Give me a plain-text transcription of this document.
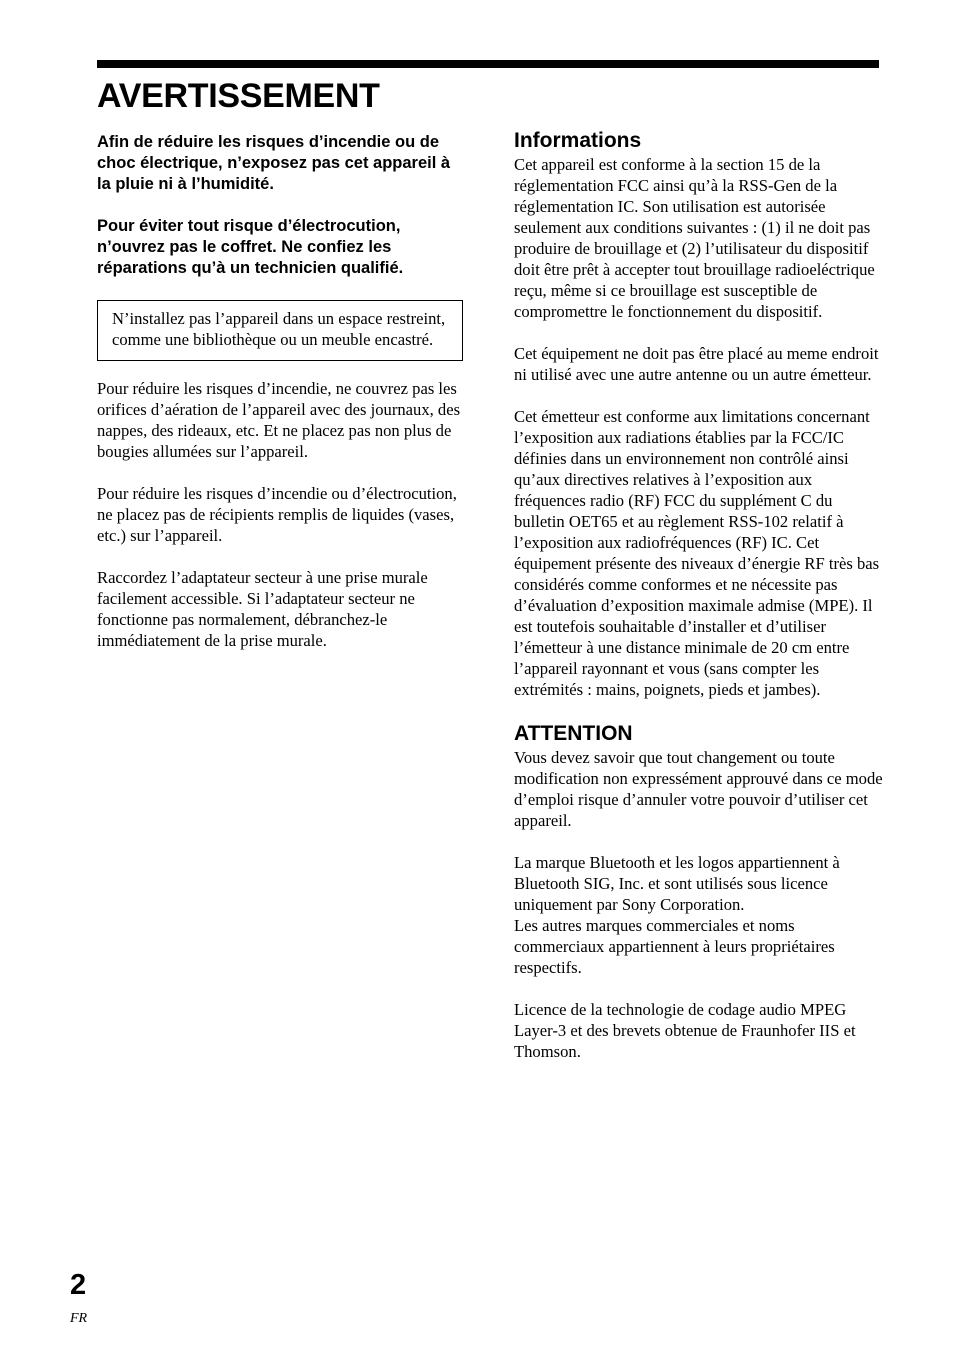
AVERTISSEMENT

Afin de réduire les risques d’incendie ou de choc électrique, n’exposez pas cet appareil à la pluie ni à l’humidité.

Pour éviter tout risque d’électrocution, n’ouvrez pas le coffret. Ne confiez les réparations qu’à un technicien qualifié.

N’installez pas l’appareil dans un espace restreint, comme une bibliothèque ou un meuble encastré.

Pour réduire les risques d’incendie, ne couvrez pas les orifices d’aération de l’appareil avec des journaux, des nappes, des rideaux, etc. Et ne placez pas non plus de bougies allumées sur l’appareil.

Pour réduire les risques d’incendie ou d’électrocution, ne placez pas de récipients remplis de liquides (vases, etc.) sur l’appareil.

Raccordez l’adaptateur secteur à une prise murale facilement accessible. Si l’adaptateur secteur ne fonctionne pas normalement, débranchez-le immédiatement de la prise murale.

Informations

Cet appareil est conforme à la section 15 de la réglementation FCC ainsi qu’à la RSS-Gen de la réglementation IC. Son utilisation est autorisée seulement aux conditions suivantes : (1) il ne doit pas produire de brouillage et (2) l’utilisateur du dispositif doit être prêt à accepter tout brouillage radioeléctrique reçu, même si ce brouillage est susceptible de compromettre le fonctionnement du dispositif.

Cet équipement ne doit pas être placé au meme endroit ni utilisé avec une autre antenne ou un autre émetteur.

Cet émetteur est conforme aux limitations concernant l’exposition aux radiations établies par la FCC/IC définies dans un environnement non contrôlé ainsi qu’aux directives relatives à l’exposition aux fréquences radio (RF) FCC du supplément C du bulletin OET65 et au règlement RSS-102 relatif à l’exposition aux radiofréquences (RF) IC. Cet équipement présente des niveaux d’énergie RF très bas considérés comme conformes et ne nécessite pas d’évaluation d’exposition maximale admise (MPE). Il est toutefois souhaitable d’installer et d’utiliser l’émetteur à une distance minimale de 20 cm entre l’appareil rayonnant et vous (sans compter les extrémités : mains, poignets, pieds et jambes).

ATTENTION

Vous devez savoir que tout changement ou toute modification non expressément approuvé dans ce mode d’emploi risque d’annuler votre pouvoir d’utiliser cet appareil.

La marque Bluetooth et les logos appartiennent à Bluetooth SIG, Inc. et sont utilisés sous licence uniquement par Sony Corporation.

Les autres marques commerciales et noms commerciaux appartiennent à leurs propriétaires respectifs.

Licence de la technologie de codage audio MPEG Layer-3 et des brevets obtenue de Fraunhofer IIS et Thomson.

2

FR
